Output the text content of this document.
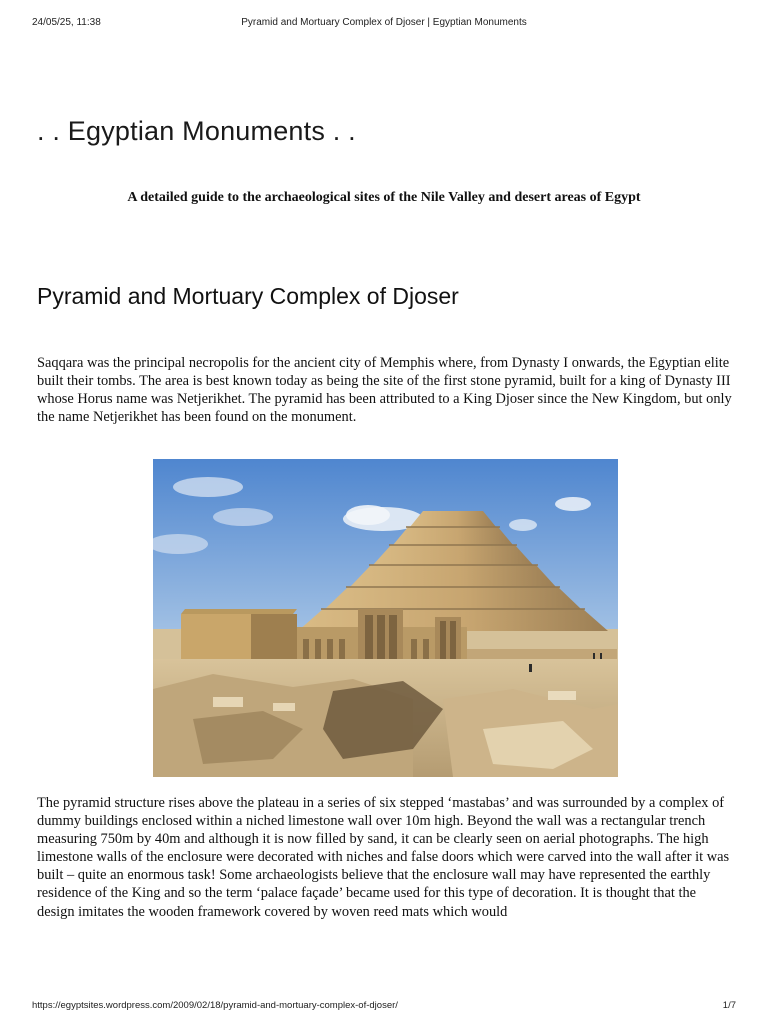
24/05/25, 11:38	Pyramid and Mortuary Complex of Djoser | Egyptian Monuments
. . Egyptian Monuments . .
A detailed guide to the archaeological sites of the Nile Valley and desert areas of Egypt
Pyramid and Mortuary Complex of Djoser

Saqqara was the principal necropolis for the ancient city of Memphis where, from Dynasty I onwards, the Egyptian elite built their tombs. The area is best known today as being the site of the first stone pyramid, built for a king of Dynasty III whose Horus name was Netjerikhet. The pyramid has been attributed to a King Djoser since the New Kingdom, but only the name Netjerikhet has been found on the monument.

The pyramid structure rises above the plateau in a series of six stepped ‘mastabas’ and was surrounded by a complex of dummy buildings enclosed within a niched limestone wall over 10m high. Beyond the wall was a rectangular trench measuring 750m by 40m and although it is now filled by sand, it can be clearly seen on aerial photographs. The high limestone walls of the enclosure were decorated with niches and false doors which were carved into the wall after it was built – quite an enormous task! Some archaeologists believe that the enclosure wall may have represented the earthly residence of the King and so the term ‘palace façade’ became used for this type of decoration. It is thought that the design imitates the wooden framework covered by woven reed mats which would

https://egyptsites.wordpress.com/2009/02/18/pyramid-and-mortuary-complex-of-djoser/	1/7
